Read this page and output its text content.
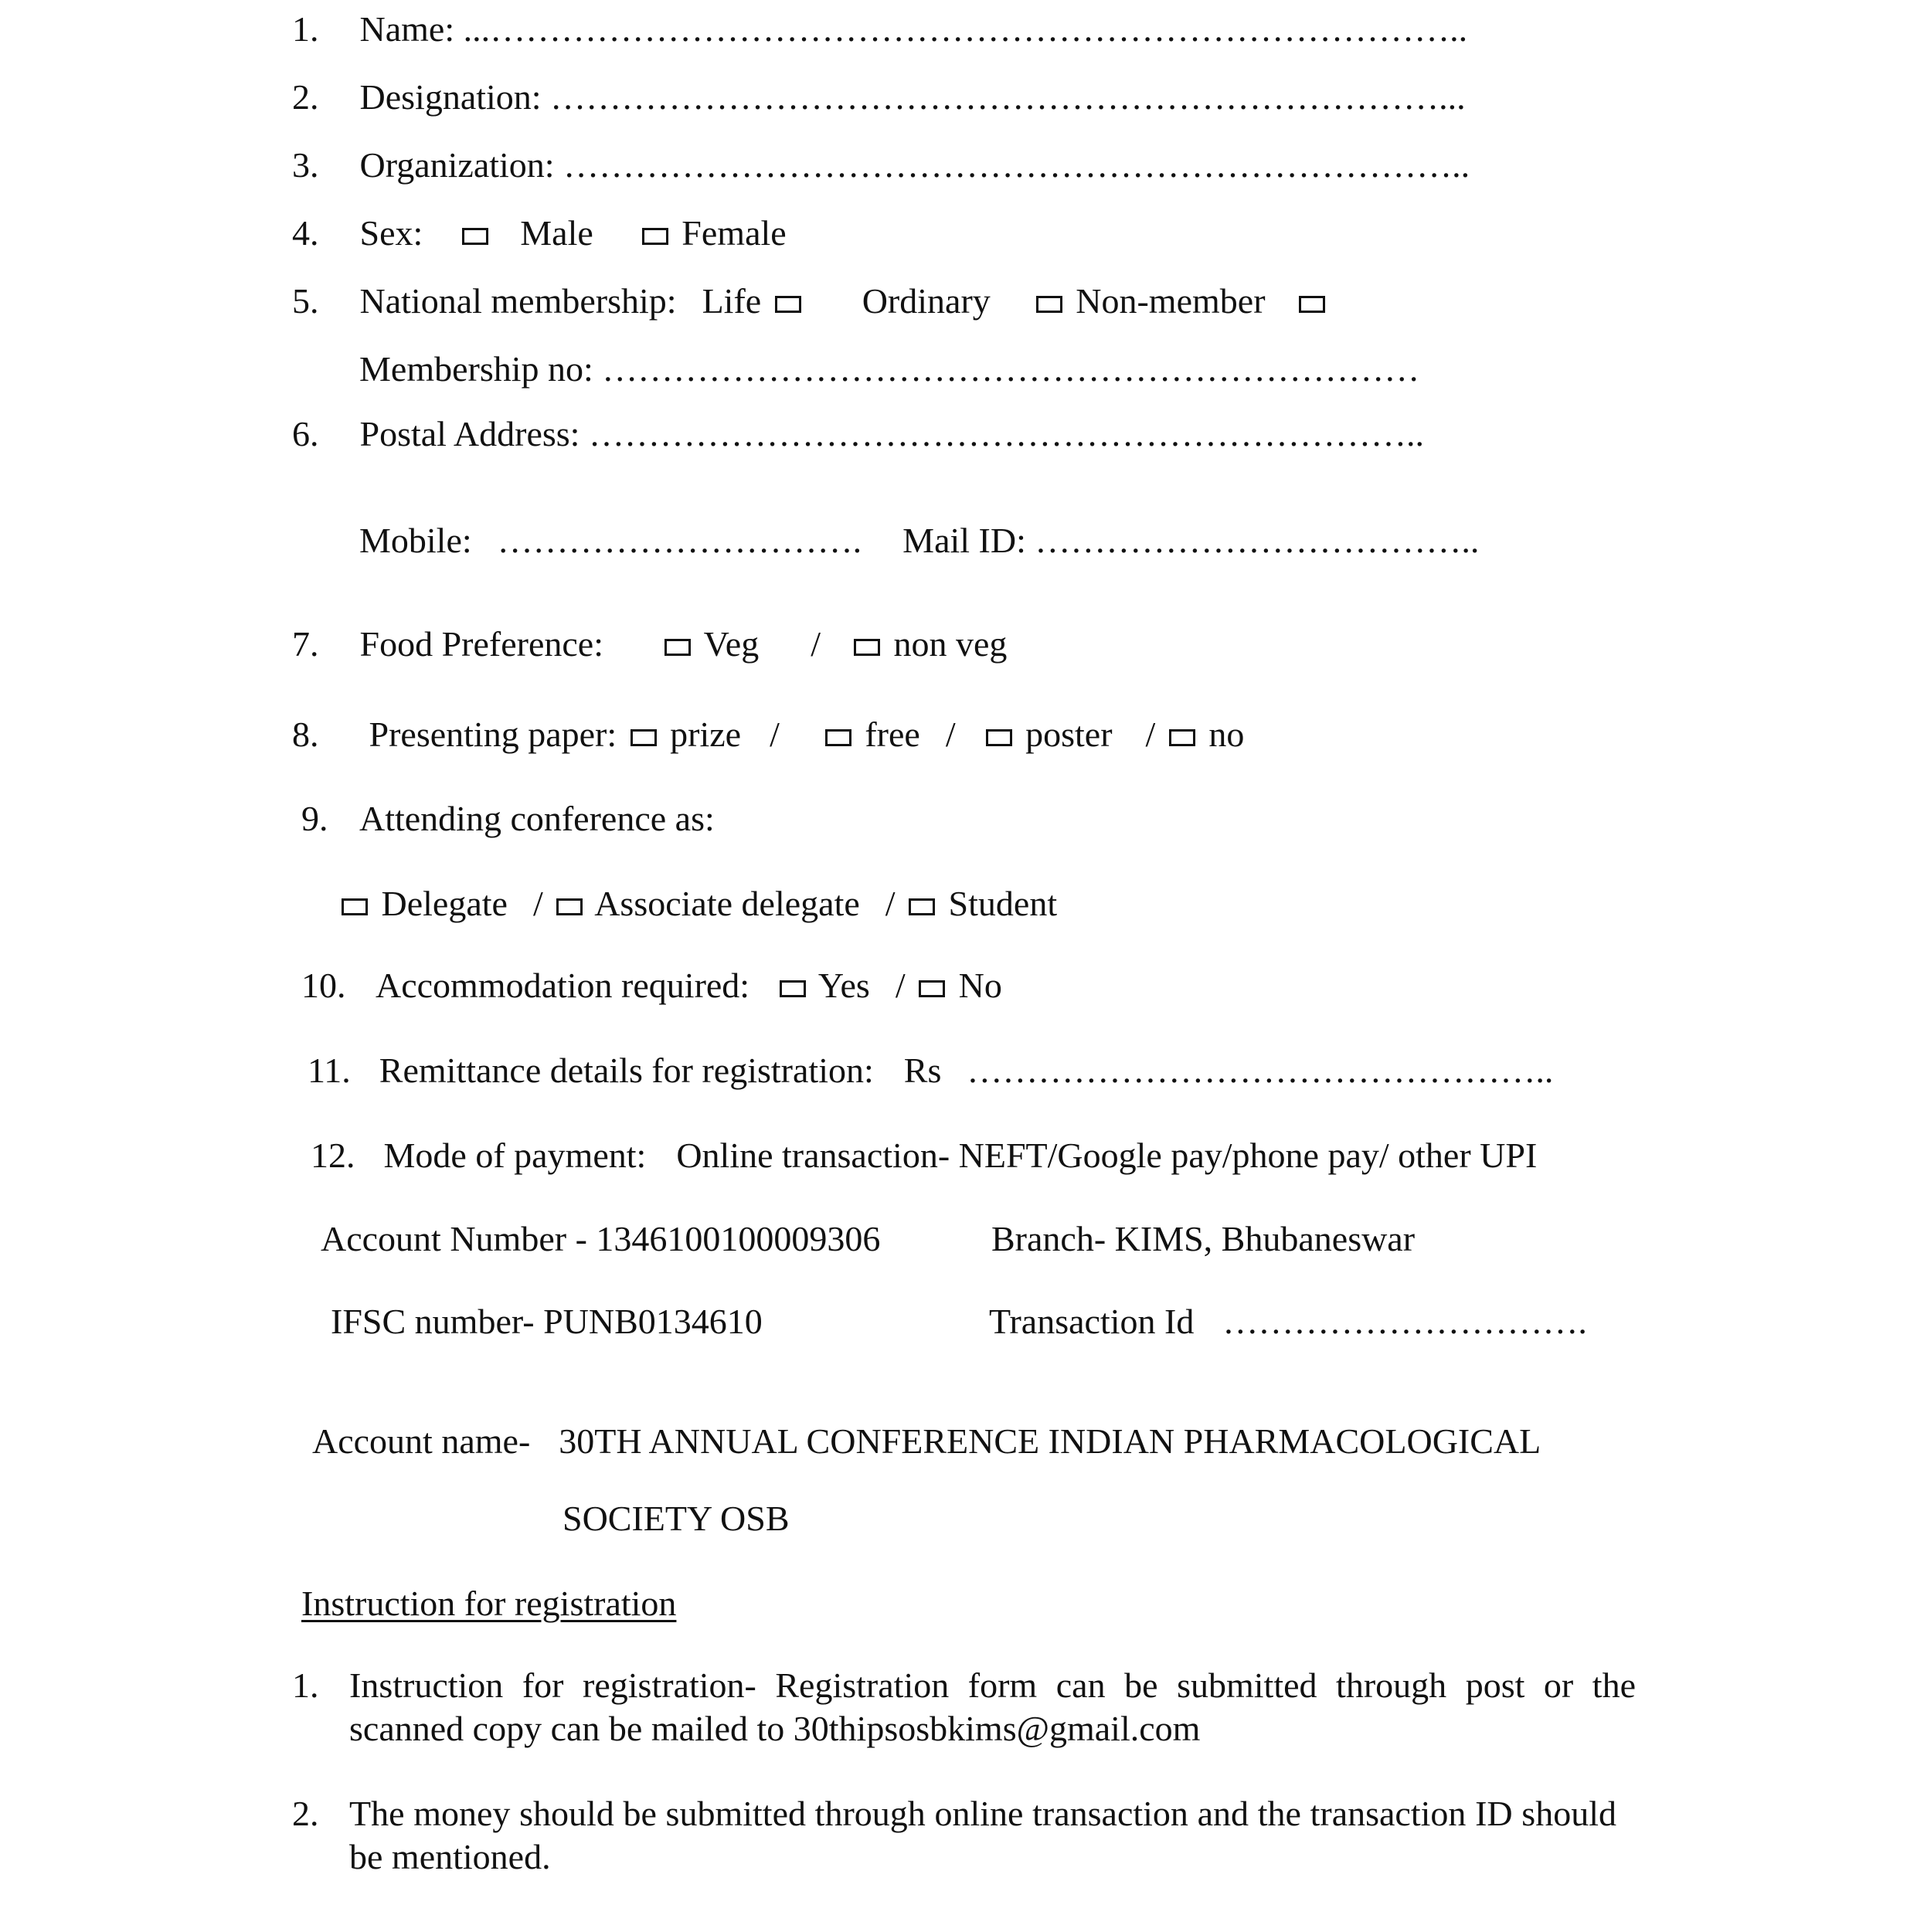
1. Name: ...………………………………………………………………………..
2. Designation: …………………………………………………………………...
3. Organization: …………………………………………………………………..
4. Sex:	Male Female
5. National membership: Life	Ordinary Non-member
Membership no: ……………………………………………………………
6. Postal Address: ……………………………………………………………..
Mobile: …………………………. Mail ID: ………………………………..
7. Food Preference:	Veg / non veg
8. Presenting paper: prize / free / poster / no
9. Attending conference as:
Delegate / Associate delegate / Student
10. Accommodation required: Yes / No
11. Remittance details for registration: Rs …………………………………………..
12. Mode of payment: Online transaction- NEFT/Google pay/phone pay/ other UPI
Account Number - 1346100100009306	Branch- KIMS, Bhubaneswar
IFSC number- PUNB0134610	Transaction Id ………………………….
Account name- 30TH ANNUAL CONFERENCE INDIAN PHARMACOLOGICAL
SOCIETY OSB
Instruction for registration
1. Instruction for registration- Registration form can be submitted through post or the scanned copy can be mailed to 30thipsosbkims@gmail.com
2. The money should be submitted through online transaction and the transaction ID should be mentioned.
